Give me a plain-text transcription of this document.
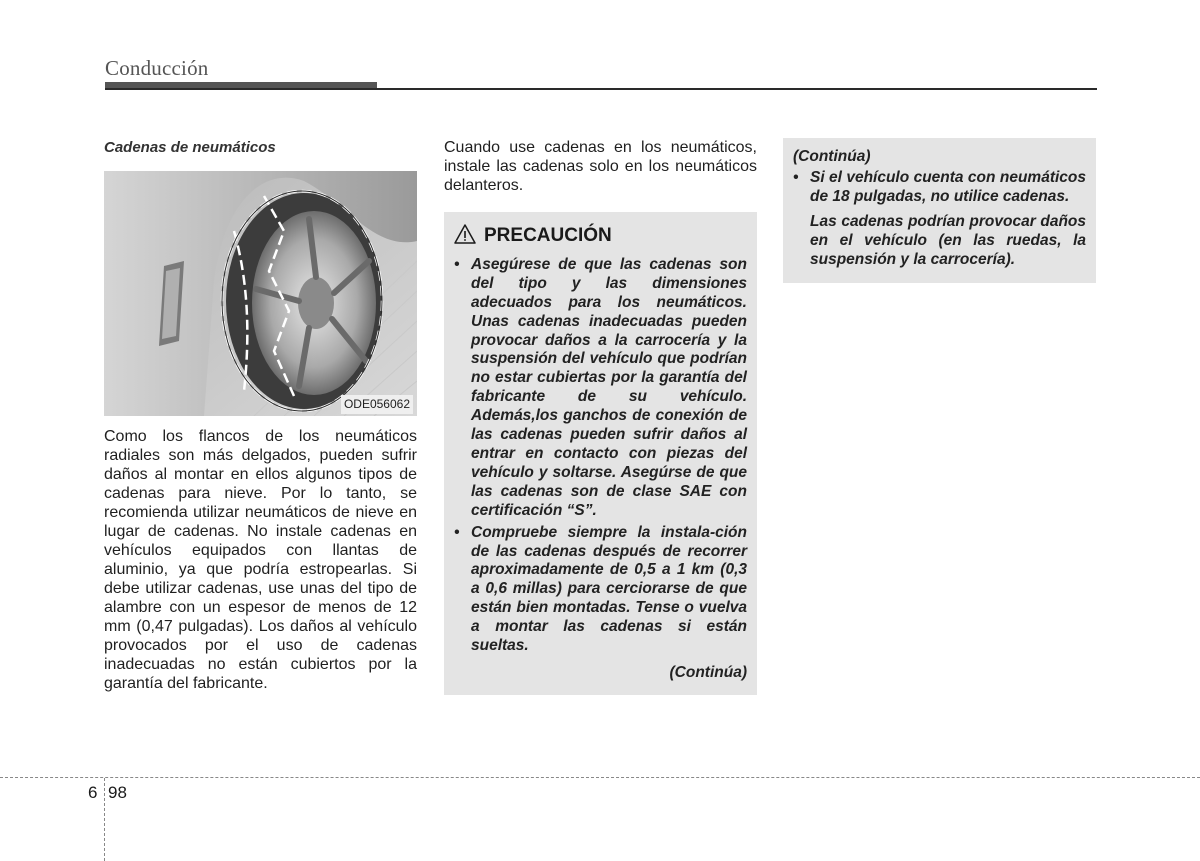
Conducción
Cadenas de neumáticos
ODE056062

Como los flancos de los neumáticos radiales son más delgados, pueden sufrir daños al montar en ellos algunos tipos de cadenas para nieve. Por lo tanto, se recomienda utilizar neumáticos de nieve en lugar de cadenas. No instale cadenas en vehículos equipados con llantas de aluminio, ya que podría estropearlas. Si debe utilizar cadenas, use unas del tipo de alambre con un espesor de menos de 12 mm (0,47 pulgadas). Los daños al vehículo provocados por el uso de cadenas inadecuadas no están cubiertos por la garantía del fabricante.

Cuando use cadenas en los neumáticos, instale las cadenas solo en los neumáticos delanteros.

PRECAUCIÓN
• Asegúrese de que las cadenas son del tipo y las dimensiones adecuados para los neumáticos. Unas cadenas inadecuadas pueden provocar daños a la carrocería y la suspensión del vehículo que podrían no estar cubiertas por la garantía del fabricante de su vehículo. Además,los ganchos de conexión de las cadenas pueden sufrir daños al entrar en contacto con piezas del vehículo y soltarse. Asegúrse de que las cadenas son de clase SAE con certificación “S”.
• Compruebe siempre la instala-ción de las cadenas después de recorrer aproximadamente de 0,5 a 1 km (0,3 a 0,6 millas) para cerciorarse de que están bien montadas. Tense o vuelva a montar las cadenas si están sueltas.
(Continúa)
(Continúa)
• Si el vehículo cuenta con neumáticos de 18 pulgadas, no utilice cadenas.
Las cadenas podrían provocar daños en el vehículo (en las ruedas, la suspensión y la carrocería).
6 98
